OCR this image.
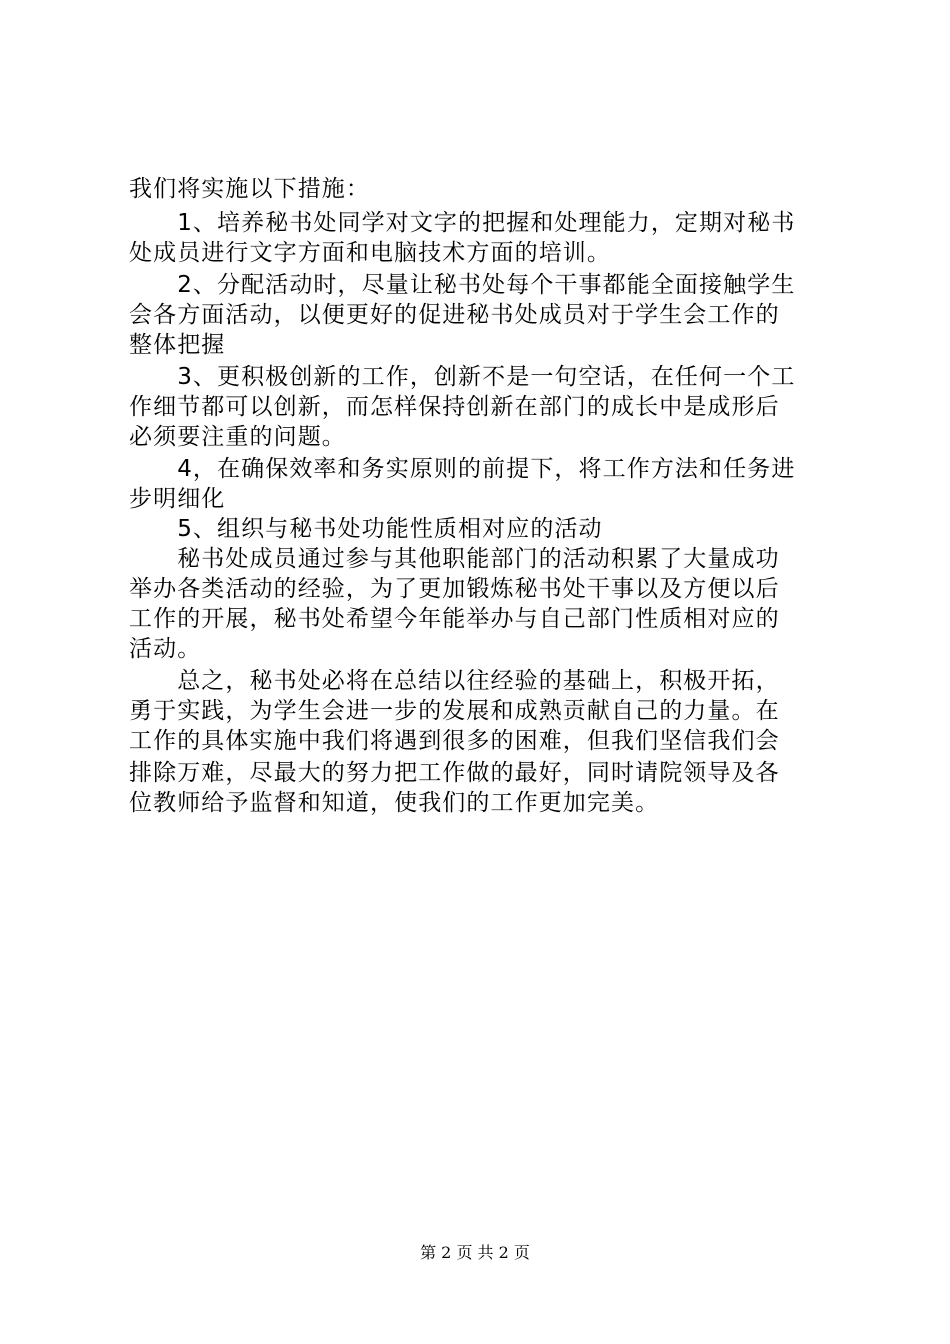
我们将实施以下措施：

　　1、培养秘书处同学对文字的把握和处理能力，定期对秘书

处成员进行文字方面和电脑技术方面的培训。

　　2、分配活动时，尽量让秘书处每个干事都能全面接触学生

会各方面活动，以便更好的促进秘书处成员对于学生会工作的

整体把握

　　3、更积极创新的工作，创新不是一句空话，在任何一个工

作细节都可以创新，而怎样保持创新在部门的成长中是成形后

必须要注重的问题。

　　4，在确保效率和务实原则的前提下，将工作方法和任务进

步明细化

　　5、组织与秘书处功能性质相对应的活动

　　秘书处成员通过参与其他职能部门的活动积累了大量成功

举办各类活动的经验，为了更加锻炼秘书处干事以及方便以后

工作的开展，秘书处希望今年能举办与自己部门性质相对应的

活动。

　　总之，秘书处必将在总结以往经验的基础上，积极开拓，

勇于实践，为学生会进一步的发展和成熟贡献自己的力量。在

工作的具体实施中我们将遇到很多的困难，但我们坚信我们会

排除万难，尽最大的努力把工作做的最好，同时请院领导及各

位教师给予监督和知道，使我们的工作更加完美。

第 2 页 共 2 页
